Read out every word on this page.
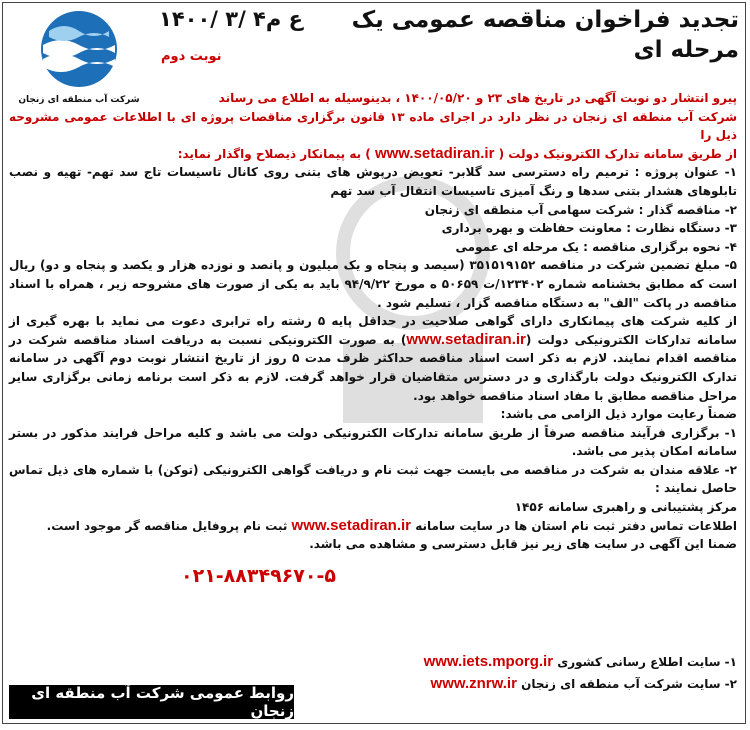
شرکت آب منطقه ای زنجان
تجدید فراخوان مناقصه عمومی یک مرحله ای
۱۴۰۰/ ۳/ ۴ع م
نوبت دوم

پیرو انتشار دو نوبت آگهی در تاریخ های ۲۳ و ۱۴۰۰/۰۵/۲۰ ، بدینوسیله به اطلاع می رساند

شرکت آب منطقه ای زنجان در نظر دارد در اجرای ماده ۱۳ قانون برگزاری مناقصات پروژه ای با اطلاعات عمومی مشروحه ذیل را

از طریق سامانه تدارک الکترونیک دولت ( www.setadiran.ir ) به پیمانکار ذیصلاح واگذار نماید:

۱- عنوان پروژه : ترمیم راه دسترسی سد گلابر- تعویض درپوش های بتنی روی کانال تاسیسات تاج سد تهم- تهیه و نصب تابلوهای هشدار بتنی سدها و رنگ آمیزی تاسیسات انتقال آب سد تهم

۲- مناقصه گذار : شرکت سهامی آب منطقه ای زنجان

۳- دستگاه نظارت : معاونت حفاظت و بهره برداری

۴- نحوه برگزاری مناقصه : یک مرحله ای عمومی

۵- مبلغ تضمین شرکت در مناقصه ۳۵۱۵۱۹۱۵۲ (سیصد و پنجاه و یک میلیون و پانصد و نوزده هزار و یکصد و پنجاه و دو) ریال است که مطابق بخشنامه شماره ۱۲۳۴۰۲/ت ۵۰۶۵۹ ه مورخ ۹۴/۹/۲۲ باید به یکی از صورت های مشروحه زیر ، همراه با اسناد مناقصه در پاکت "الف" به دستگاه مناقصه گزار ، تسلیم شود .

از کلیه شرکت های پیمانکاری دارای گواهی صلاحیت در حداقل پایه ۵ رشته راه ترابری دعوت می نماید با بهره گیری از سامانه تدارکات الکترونیکی دولت (www.setadiran.ir) به صورت الکترونیکی نسبت به دریافت اسناد مناقصه شرکت در مناقصه اقدام نمایند. لازم به ذکر است اسناد مناقصه حداکثر ظرف مدت ۵ روز از تاریخ انتشار نوبت دوم آگهی در سامانه تدارک الکترونیک دولت بارگذاری و در دسترس متقاضیان قرار خواهد گرفت. لازم به ذکر است برنامه زمانی برگزاری سایر مراحل مناقصه مطابق با مفاد اسناد مناقصه خواهد بود.

ضمناً رعایت موارد ذیل الزامی می باشد:

۱- برگزاری فرآیند مناقصه صرفاً از طریق سامانه تدارکات الکترونیکی دولت می باشد و کلیه مراحل فرایند مذکور در بستر سامانه امکان پذیر می باشد.

۲- علاقه مندان به شرکت در مناقصه می بایست جهت ثبت نام و دریافت گواهی الکترونیکی (توکن) با شماره های ذیل تماس حاصل نمایند :

مرکز پشتیبانی و راهبری سامانه ۱۴۵۶

اطلاعات تماس دفتر ثبت نام استان ها در سایت سامانه www.setadiran.ir ثبت نام پروفایل مناقصه گر موجود است.

ضمنا این آگهی در سایت های زیر نیز قابل دسترسی و مشاهده می باشد.

۰۲۱-۸۸۳۴۹۶۷۰-۵
۱- سایت اطلاع رسانی کشوری www.iets.mporg.ir
۲- سایت شرکت آب منطقه ای زنجان www.znrw.ir
روابط عمومی شرکت آب منطقه ای زنجان
